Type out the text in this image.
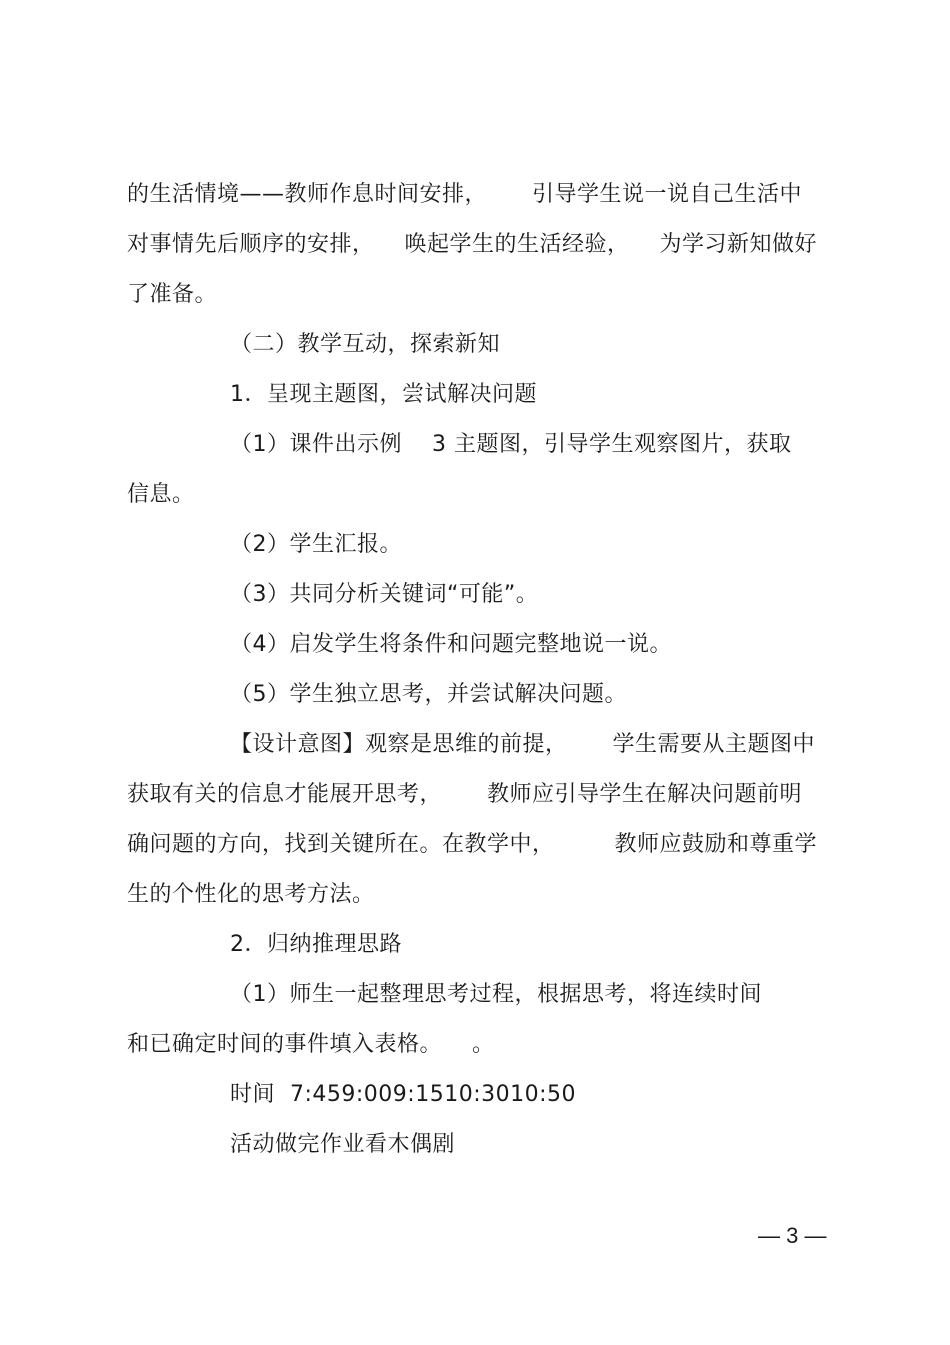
的生活情境——教师作息时间安排，      引导学生说一说自己生活中
对事情先后顺序的安排，    唤起学生的生活经验，    为学习新知做好
了准备。
（二）教学互动，探索新知
1．呈现主题图，尝试解决问题
（1）课件出示例    3 主题图，引导学生观察图片，获取
信息。
（2）学生汇报。
（3）共同分析关键词“可能”。
（4）启发学生将条件和问题完整地说一说。
（5）学生独立思考，并尝试解决问题。
【设计意图】观察是思维的前提，      学生需要从主题图中
获取有关的信息才能展开思考，      教师应引导学生在解决问题前明
确问题的方向，找到关键所在。在教学中，        教师应鼓励和尊重学
生的个性化的思考方法。
2．归纳推理思路
（1）师生一起整理思考过程，根据思考，将连续时间
和已确定时间的事件填入表格。    。
时间  7:459:009:1510:3010:50
活动做完作业看木偶剧
— 3 —
